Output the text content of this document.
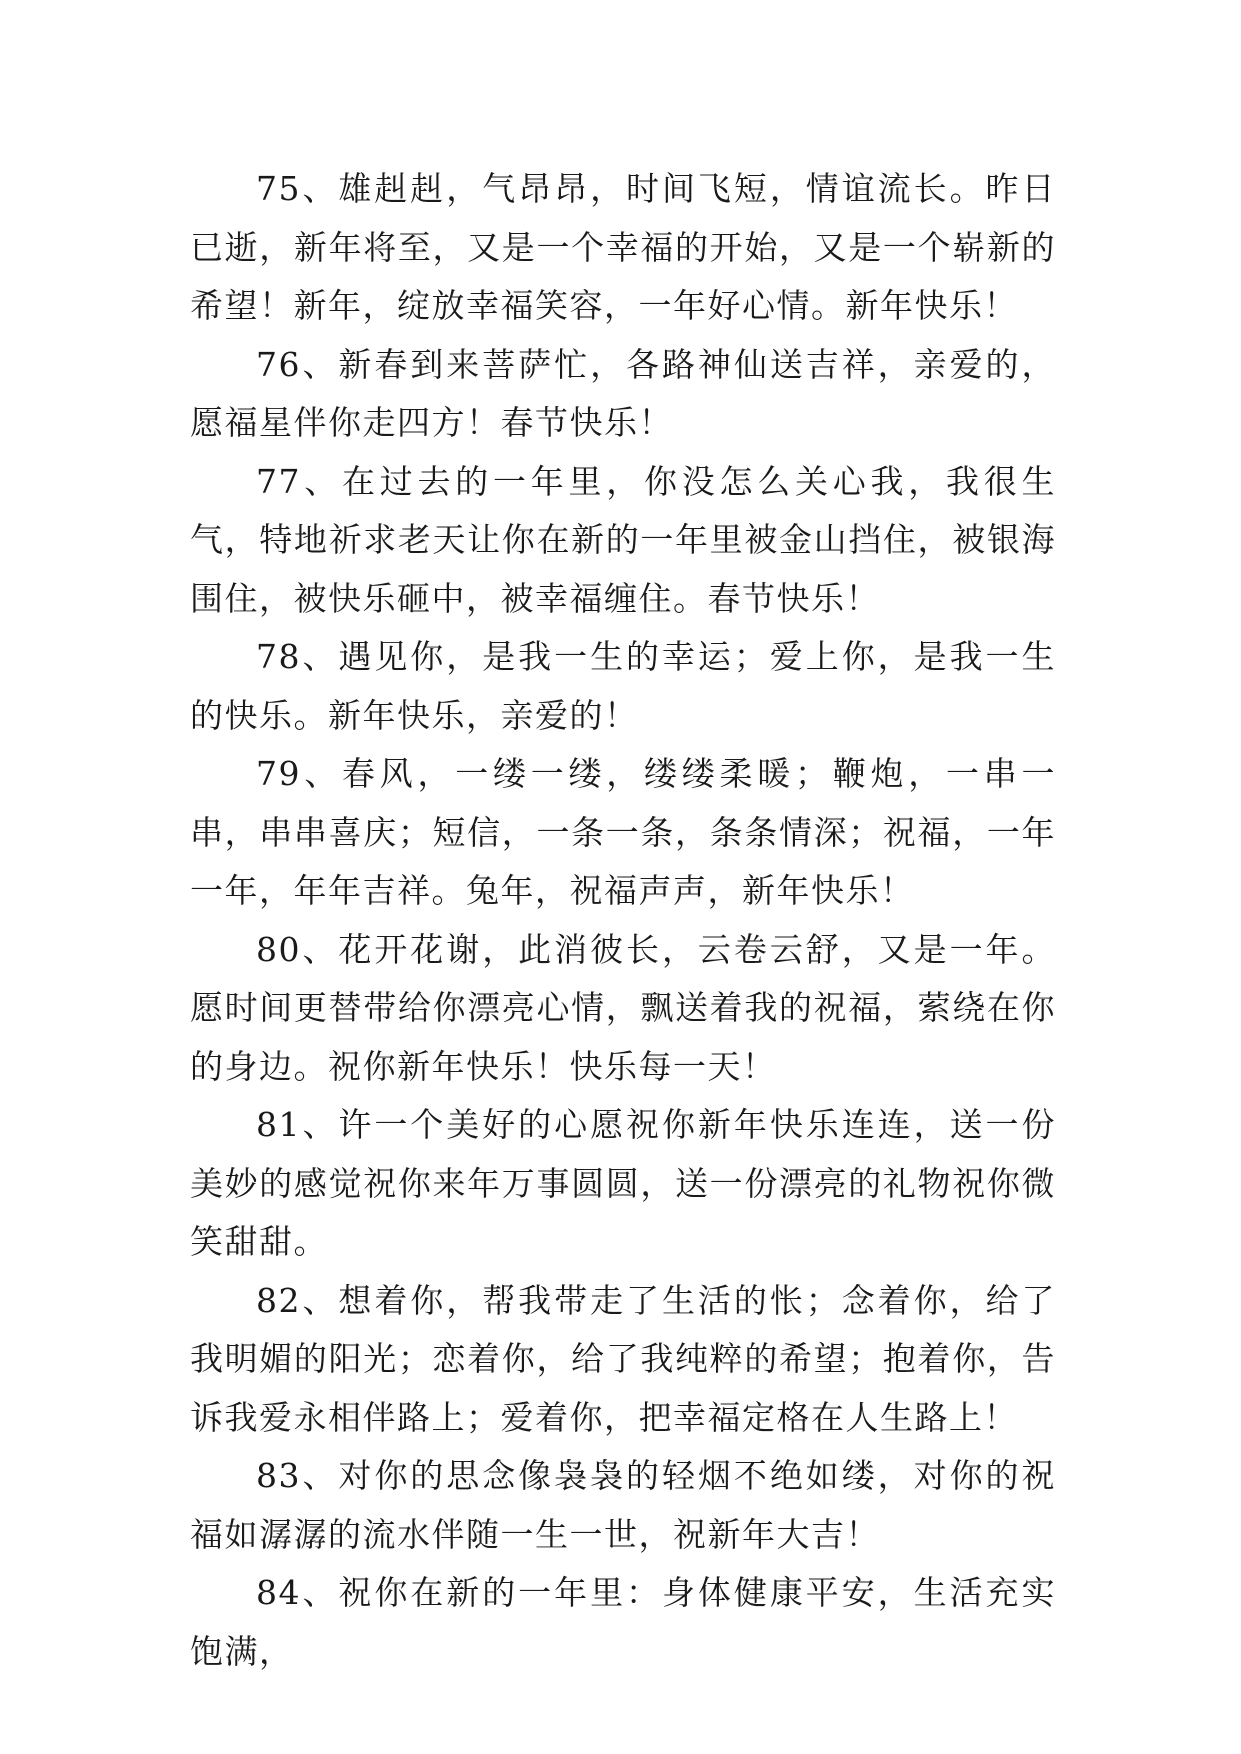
75、雄赳赳，气昂昂，时间飞短，情谊流长。昨日已逝，新年将至，又是一个幸福的开始，又是一个崭新的希望！新年，绽放幸福笑容，一年好心情。新年快乐！

76、新春到来菩萨忙，各路神仙送吉祥，亲爱的，愿福星伴你走四方！春节快乐！

77、在过去的一年里，你没怎么关心我，我很生气，特地祈求老天让你在新的一年里被金山挡住，被银海围住，被快乐砸中，被幸福缠住。春节快乐！

78、遇见你，是我一生的幸运；爱上你，是我一生的快乐。新年快乐，亲爱的！

79、春风，一缕一缕，缕缕柔暖；鞭炮，一串一串，串串喜庆；短信，一条一条，条条情深；祝福，一年一年，年年吉祥。兔年，祝福声声，新年快乐！

80、花开花谢，此消彼长，云卷云舒，又是一年。愿时间更替带给你漂亮心情，飘送着我的祝福，萦绕在你的身边。祝你新年快乐！快乐每一天！

81、许一个美好的心愿祝你新年快乐连连，送一份美妙的感觉祝你来年万事圆圆，送一份漂亮的礼物祝你微笑甜甜。

82、想着你，帮我带走了生活的怅；念着你，给了我明媚的阳光；恋着你，给了我纯粹的希望；抱着你，告诉我爱永相伴路上；爱着你，把幸福定格在人生路上！

83、对你的思念像袅袅的轻烟不绝如缕，对你的祝福如潺潺的流水伴随一生一世，祝新年大吉！

84、祝你在新的一年里：身体健康平安，生活充实饱满，
